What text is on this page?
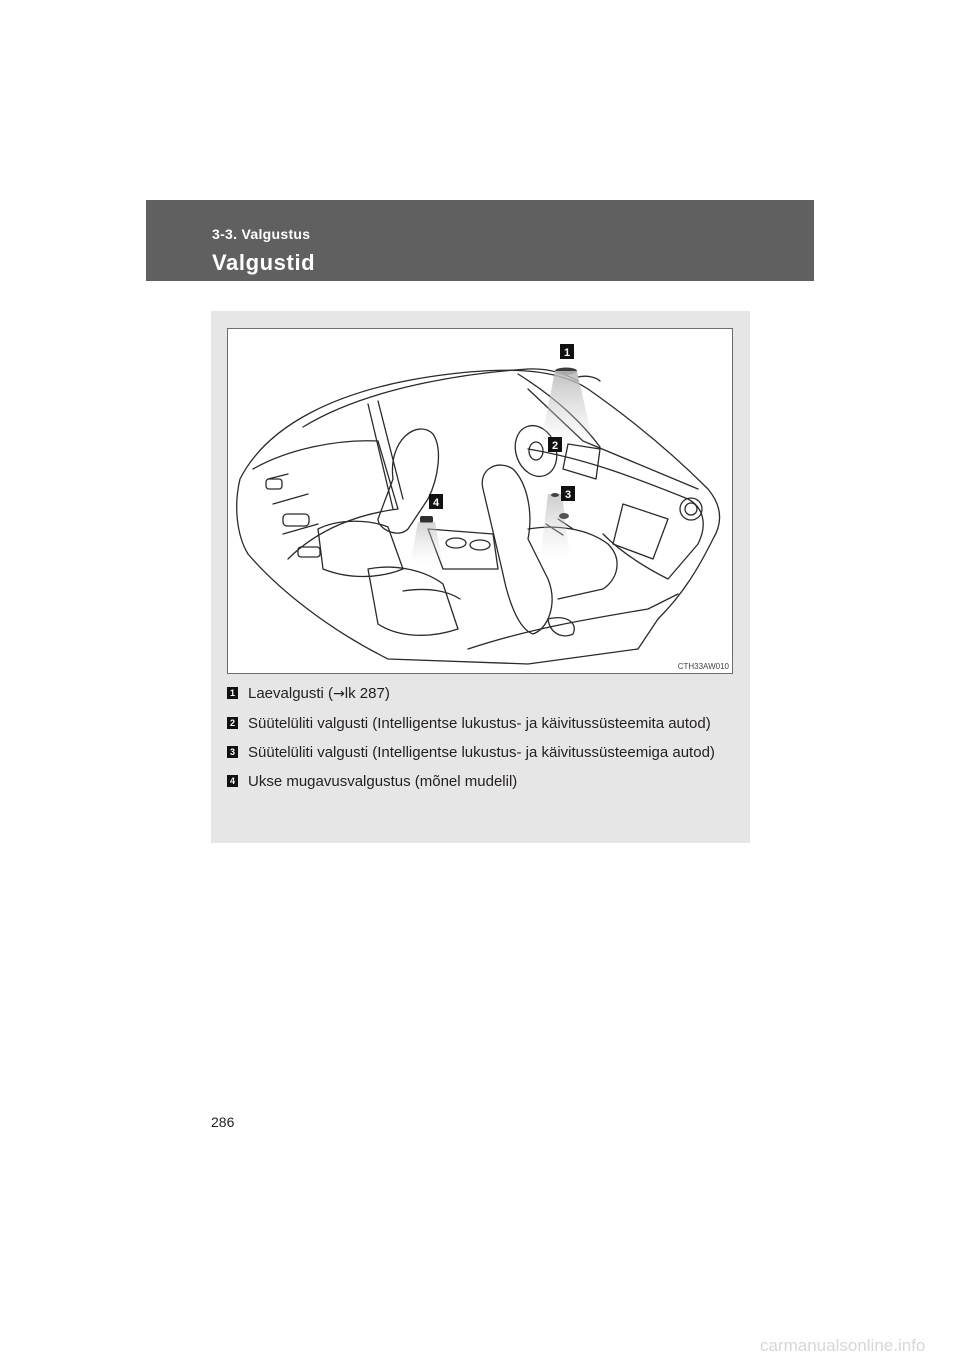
3-3. Valgustus
Valgustid
1
2
3
4
CTH33AW010
1 Laevalgusti (→lk 287)
2 Süütelüliti valgusti (Intelligentse lukustus- ja käivitussüsteemita autod)
3 Süütelüliti valgusti (Intelligentse lukustus- ja käivitussüsteemiga autod)
4 Ukse mugavusvalgustus (mõnel mudelil)
286
carmanualsonline.info
